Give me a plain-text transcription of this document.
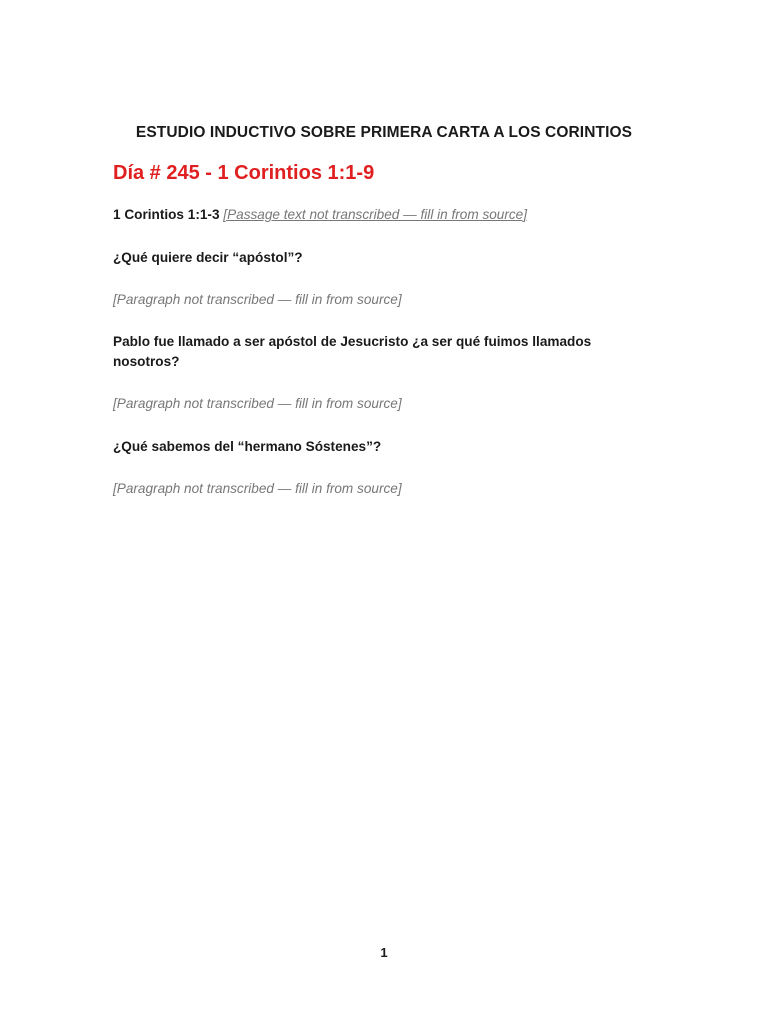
ESTUDIO INDUCTIVO SOBRE PRIMERA CARTA A LOS CORINTIOS
Día # 245 - 1 Corintios 1:1-9

1 Corintios 1:1-3 [Passage text not transcribed — fill in from source]

¿Qué quiere decir “apóstol”?

[Paragraph not transcribed — fill in from source]

Pablo fue llamado a ser apóstol de Jesucristo ¿a ser qué fuimos llamados nosotros?

[Paragraph not transcribed — fill in from source]

¿Qué sabemos del “hermano Sóstenes”?

[Paragraph not transcribed — fill in from source]

1
